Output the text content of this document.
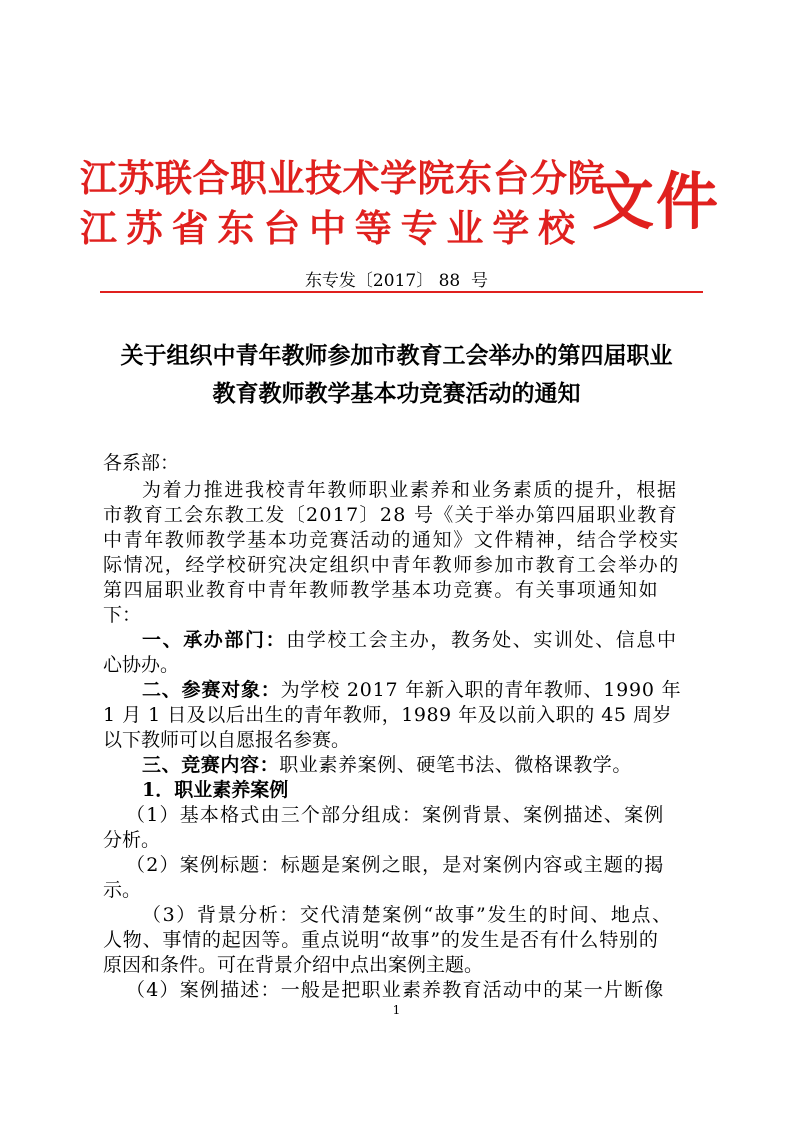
江苏联合职业技术学院东台分院
江苏省东台中等专业学校 文件
东专发〔2017〕 88  号
关于组织中青年教师参加市教育工会举办的第四届职业
教育教师教学基本功竞赛活动的通知
各系部：
为着力推进我校青年教师职业素养和业务素质的提升，根据
市教育工会东教工发〔2017〕28 号《关于举办第四届职业教育
中青年教师教学基本功竞赛活动的通知》文件精神，结合学校实
际情况，经学校研究决定组织中青年教师参加市教育工会举办的
第四届职业教育中青年教师教学基本功竞赛。有关事项通知如
下：
一、承办部门：由学校工会主办，教务处、实训处、信息中
心协办。
二、参赛对象：为学校 2017 年新入职的青年教师、1990 年
1 月 1 日及以后出生的青年教师，1989 年及以前入职的 45 周岁
以下教师可以自愿报名参赛。
三、竞赛内容：职业素养案例、硬笔书法、微格课教学。
1．职业素养案例
（1）基本格式由三个部分组成：案例背景、案例描述、案例
分析。
（2）案例标题：标题是案例之眼，是对案例内容或主题的揭
示。
（3）背景分析：交代清楚案例“故事”发生的时间、地点、
人物、事情的起因等。重点说明“故事”的发生是否有什么特别的
原因和条件。可在背景介绍中点出案例主题。
（4）案例描述：一般是把职业素养教育活动中的某一片断像
1
